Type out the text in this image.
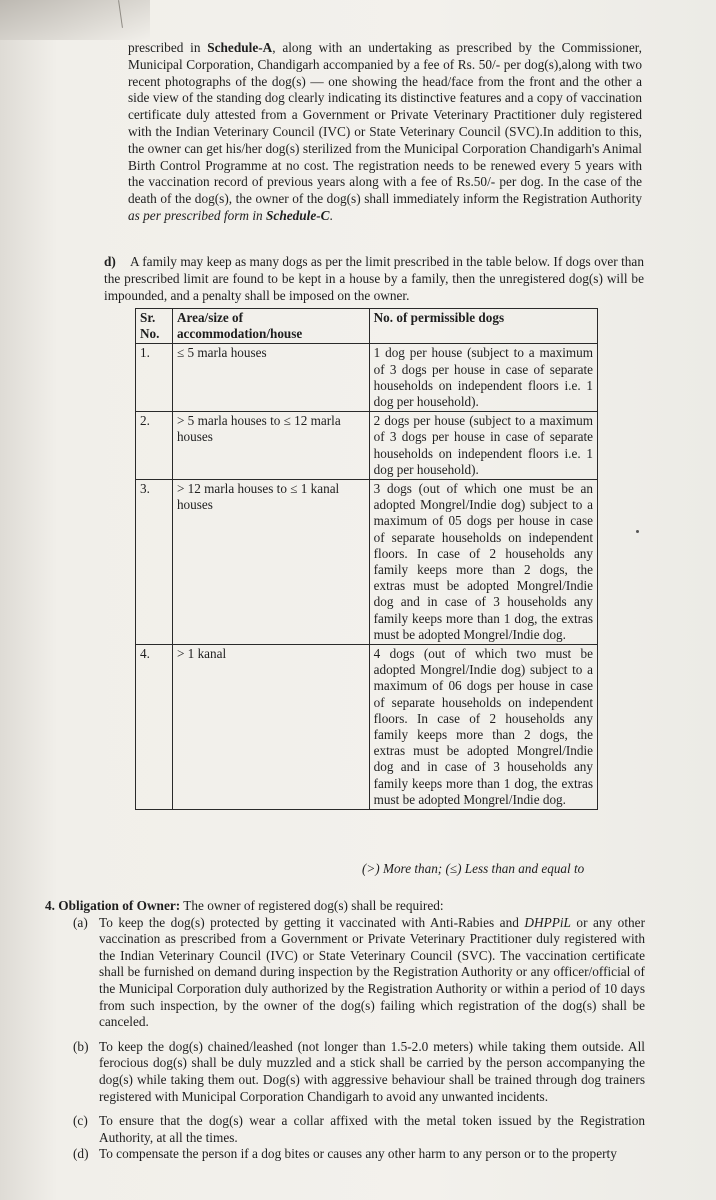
prescribed in Schedule-A, along with an undertaking as prescribed by the Commissioner, Municipal Corporation, Chandigarh accompanied by a fee of Rs. 50/- per dog(s),along with two recent photographs of the dog(s) — one showing the head/face from the front and the other a side view of the standing dog clearly indicating its distinctive features and a copy of vaccination certificate duly attested from a Government or Private Veterinary Practitioner duly registered with the Indian Veterinary Council (IVC) or State Veterinary Council (SVC).In addition to this, the owner can get his/her dog(s) sterilized from the Municipal Corporation Chandigarh's Animal Birth Control Programme at no cost. The registration needs to be renewed every 5 years with the vaccination record of previous years along with a fee of Rs.50/- per dog. In the case of the death of the dog(s), the owner of the dog(s) shall immediately inform the Registration Authority as per prescribed form in Schedule-C.

d) A family may keep as many dogs as per the limit prescribed in the table below. If dogs over than the prescribed limit are found to be kept in a house by a family, then the unregistered dog(s) will be impounded, and a penalty shall be imposed on the owner.

Sr. No.	Area/size of accommodation/house	No. of permissible dogs
1.	≤ 5 marla houses	1 dog per house (subject to a maximum of 3 dogs per house in case of separate households on independent floors i.e. 1 dog per household).
2.	> 5 marla houses to ≤ 12 marla houses	2 dogs per house (subject to a maximum of 3 dogs per house in case of separate households on independent floors i.e. 1 dog per household).
3.	> 12 marla houses to ≤ 1 kanal houses	3 dogs (out of which one must be an adopted Mongrel/Indie dog) subject to a maximum of 05 dogs per house in case of separate households on independent floors. In case of 2 households any family keeps more than 2 dogs, the extras must be adopted Mongrel/Indie dog and in case of 3 households any family keeps more than 1 dog, the extras must be adopted Mongrel/Indie dog.
4.	> 1 kanal	4 dogs (out of which two must be adopted Mongrel/Indie dog) subject to a maximum of 06 dogs per house in case of separate households on independent floors. In case of 2 households any family keeps more than 2 dogs, the extras must be adopted Mongrel/Indie dog and in case of 3 households any family keeps more than 1 dog, the extras must be adopted Mongrel/Indie dog.
(>) More than; (≤) Less than and equal to

4. Obligation of Owner: The owner of registered dog(s) shall be required:

(a) To keep the dog(s) protected by getting it vaccinated with Anti-Rabies and DHPPiL or any other vaccination as prescribed from a Government or Private Veterinary Practitioner duly registered with the Indian Veterinary Council (IVC) or State Veterinary Council (SVC). The vaccination certificate shall be furnished on demand during inspection by the Registration Authority or any officer/official of the Municipal Corporation duly authorized by the Registration Authority or within a period of 10 days from such inspection, by the owner of the dog(s) failing which registration of the dog(s) shall be canceled.
(b) To keep the dog(s) chained/leashed (not longer than 1.5-2.0 meters) while taking them outside. All ferocious dog(s) shall be duly muzzled and a stick shall be carried by the person accompanying the dog(s) while taking them out. Dog(s) with aggressive behaviour shall be trained through dog trainers registered with Municipal Corporation Chandigarh to avoid any unwanted incidents.
(c) To ensure that the dog(s) wear a collar affixed with the metal token issued by the Registration Authority, at all the times.
(d) To compensate the person if a dog bites or causes any other harm to any person or to the property
